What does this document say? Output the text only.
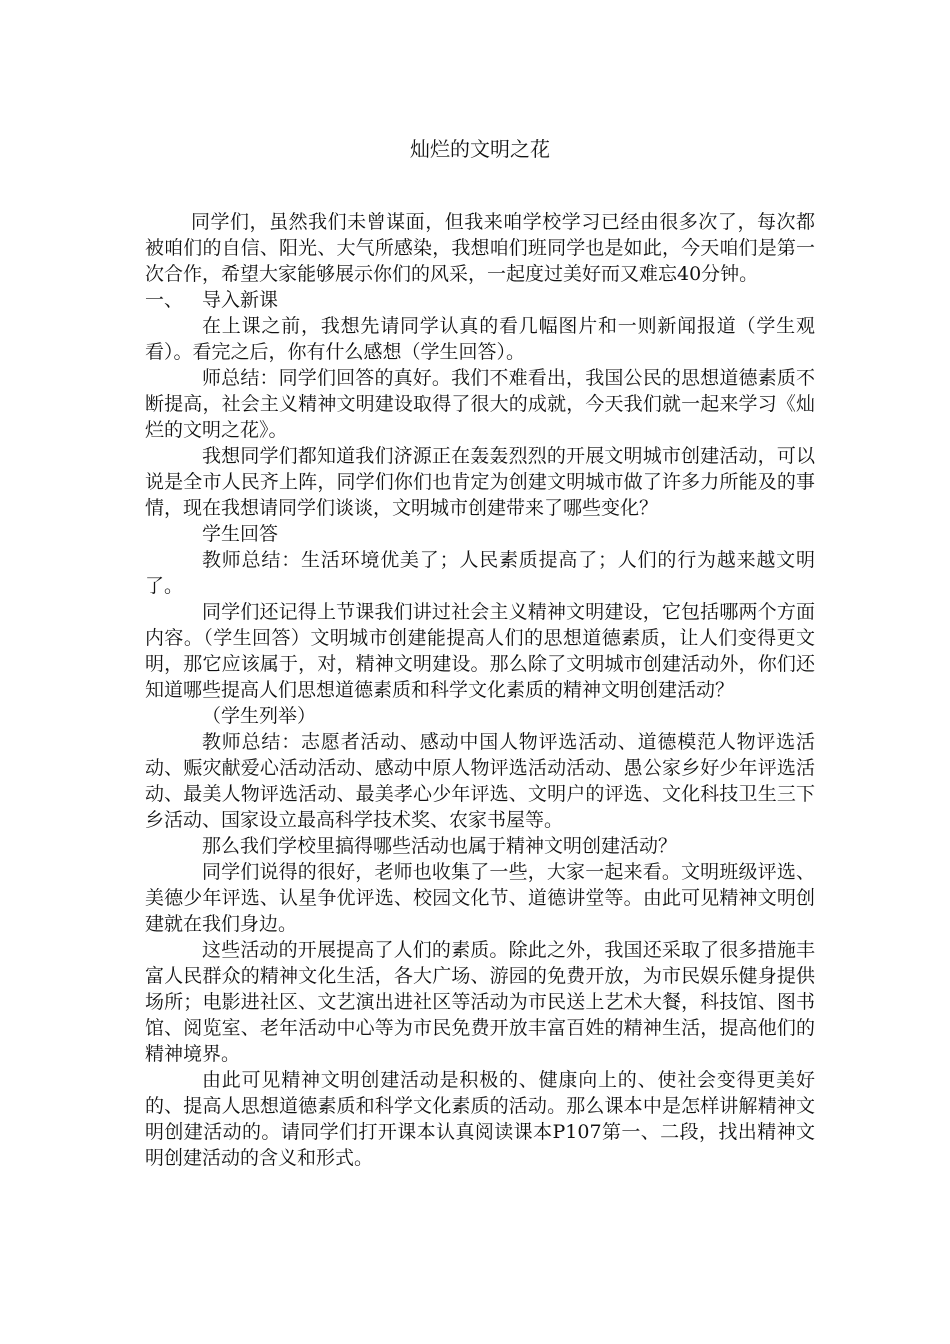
灿烂的文明之花

同学们，虽然我们未曾谋面，但我来咱学校学习已经由很多次了，每次都被咱们的自信、阳光、大气所感染，我想咱们班同学也是如此，今天咱们是第一次合作，希望大家能够展示你们的风采，一起度过美好而又难忘40分钟。

一、 导入新课

在上课之前，我想先请同学认真的看几幅图片和一则新闻报道（学生观看）。看完之后，你有什么感想（学生回答）。

师总结：同学们回答的真好。我们不难看出，我国公民的思想道德素质不断提高，社会主义精神文明建设取得了很大的成就，今天我们就一起来学习《灿烂的文明之花》。

我想同学们都知道我们济源正在轰轰烈烈的开展文明城市创建活动，可以说是全市人民齐上阵，同学们你们也肯定为创建文明城市做了许多力所能及的事情，现在我想请同学们谈谈，文明城市创建带来了哪些变化？

学生回答

教师总结：生活环境优美了；人民素质提高了；人们的行为越来越文明了。

同学们还记得上节课我们讲过社会主义精神文明建设，它包括哪两个方面内容。（学生回答）文明城市创建能提高人们的思想道德素质，让人们变得更文明，那它应该属于，对，精神文明建设。那么除了文明城市创建活动外，你们还知道哪些提高人们思想道德素质和科学文化素质的精神文明创建活动？

（学生列举）

教师总结：志愿者活动、感动中国人物评选活动、道德模范人物评选活动、赈灾献爱心活动活动、感动中原人物评选活动活动、愚公家乡好少年评选活动、最美人物评选活动、最美孝心少年评选、文明户的评选、文化科技卫生三下乡活动、国家设立最高科学技术奖、农家书屋等。

那么我们学校里搞得哪些活动也属于精神文明创建活动？

同学们说得的很好，老师也收集了一些，大家一起来看。文明班级评选、美德少年评选、认星争优评选、校园文化节、道德讲堂等。由此可见精神文明创建就在我们身边。

这些活动的开展提高了人们的素质。除此之外，我国还采取了很多措施丰富人民群众的精神文化生活，各大广场、游园的免费开放，为市民娱乐健身提供场所；电影进社区、文艺演出进社区等活动为市民送上艺术大餐，科技馆、图书馆、阅览室、老年活动中心等为市民免费开放丰富百姓的精神生活，提高他们的精神境界。

由此可见精神文明创建活动是积极的、健康向上的、使社会变得更美好的、提高人思想道德素质和科学文化素质的活动。那么课本中是怎样讲解精神文明创建活动的。请同学们打开课本认真阅读课本P107第一、二段，找出精神文明创建活动的含义和形式。
